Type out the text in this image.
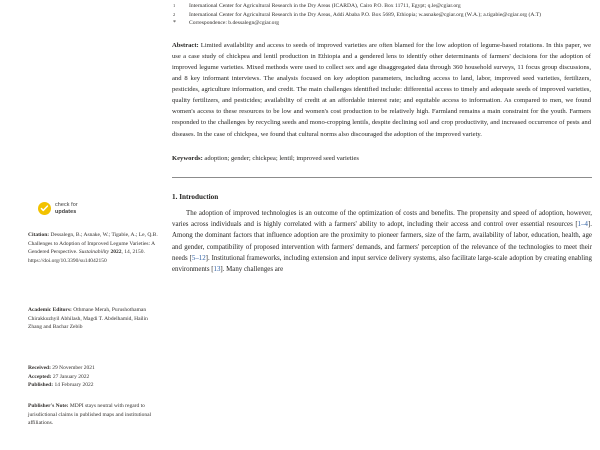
check for
updates
Citation: Dessalegn, B.; Asnake, W.; Tigabie, A.; Le, Q.B. Challenges to Adoption of Improved Legume Varieties: A Gendered Perspective. Sustainability 2022, 14, 2150. https://doi.org/10.3390/su14042150
Academic Editors: Othmane Merah, Purushothaman Chirakkuzhyil Abhilash, Magdi T. Abdelhamid, Hailin Zhang and Bachar Zebib
Received: 29 November 2021
Accepted: 27 January 2022
Published: 14 February 2022
Publisher's Note: MDPI stays neutral with regard to jurisdictional claims in published maps and institutional affiliations.
1	International Center for Agricultural Research in the Dry Areas (ICARDA), Cairo P.O. Box 11711, Egypt; q.le@cgiar.org
2	International Center for Agricultural Research in the Dry Areas, Addi Ababa P.O. Box 5689, Ethiopia; w.asnake@cgiar.org (W.A.); a.tigabie@cgiar.org (A.T)
*	Correspondence: b.dessalegn@cgiar.org
Abstract: Limited availability and access to seeds of improved varieties are often blamed for the low adoption of legume-based rotations. In this paper, we use a case study of chickpea and lentil production in Ethiopia and a gendered lens to identify other determinants of farmers' decisions for the adoption of improved legume varieties. Mixed methods were used to collect sex and age disaggregated data through 360 household surveys, 11 focus group discussions, and 8 key informant interviews. The analysis focused on key adoption parameters, including access to land, labor, improved seed varieties, fertilizers, pesticides, agriculture information, and credit. The main challenges identified include: differential access to timely and adequate seeds of improved varieties, quality fertilizers, and pesticides; availability of credit at an affordable interest rate; and equitable access to information. As compared to men, we found women's access to these resources to be low and women's cost production to be relatively high. Farmland remains a main constraint for the youth. Farmers responded to the challenges by recycling seeds and mono-cropping lentils, despite declining soil and crop productivity, and increased occurrence of pests and diseases. In the case of chickpea, we found that cultural norms also discouraged the adoption of the improved variety.
Keywords: adoption; gender; chickpea; lentil; improved seed varieties
1. Introduction

The adoption of improved technologies is an outcome of the optimization of costs and benefits. The propensity and speed of adoption, however, varies across individuals and is highly correlated with a farmers' ability to adopt, including their access and control over essential resources [1–4]. Among the dominant factors that influence adoption are the proximity to pioneer farmers, size of the farm, availability of labor, education, health, age and gender, compatibility of proposed intervention with farmers' demands, and farmers' perception of the relevance of the technologies to meet their needs [5–12]. Institutional frameworks, including extension and input service delivery systems, also facilitate large-scale adoption by creating enabling environments [13]. Many challenges are
